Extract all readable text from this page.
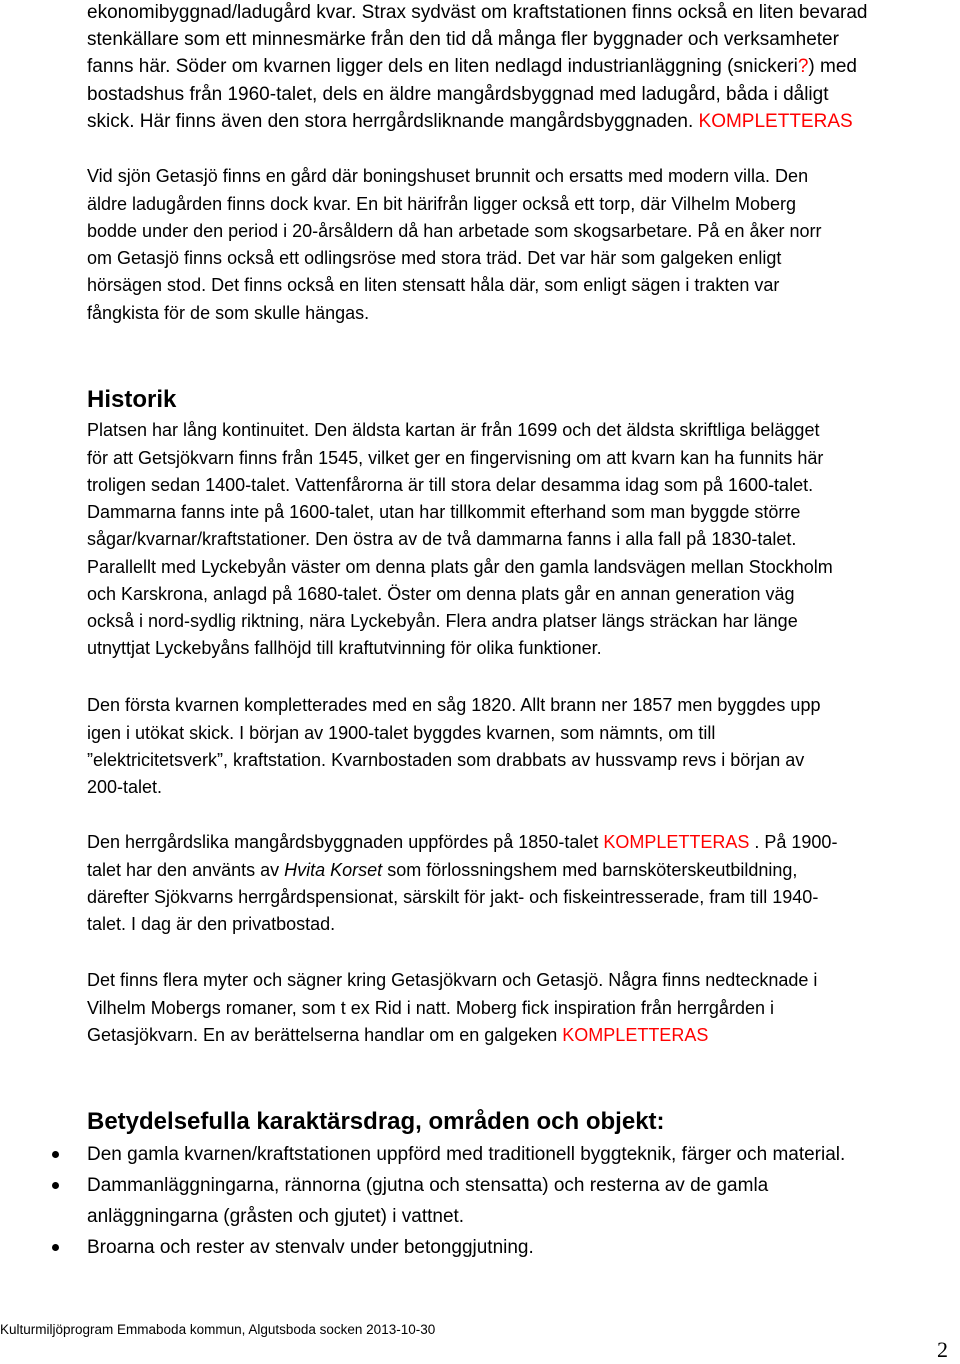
ekonomibyggnad/ladugård kvar. Strax sydväst om kraftstationen finns också en liten bevarad
stenkällare som ett minnesmärke från den tid då många fler byggnader och verksamheter
fanns här. Söder om kvarnen ligger dels en liten nedlagd industrianläggning (snickeri?) med
bostadshus från 1960-talet, dels en äldre mangårdsbyggnad med ladugård, båda i dåligt
skick. Här finns även den stora herrgårdsliknande mangårdsbyggnaden. KOMPLETTERAS
Vid sjön Getasjö finns en gård där boningshuset brunnit och ersatts med modern villa. Den
äldre ladugården finns dock kvar. En bit härifrån ligger också ett torp, där Vilhelm Moberg
bodde under den period i 20-årsåldern då han arbetade som skogsarbetare. På en åker norr
om Getasjö finns också ett odlingsröse med stora träd. Det var här som galgeken enligt
hörsägen stod. Det finns också en liten stensatt håla där, som enligt sägen i trakten var
fångkista för de som skulle hängas.
Historik
Platsen har lång kontinuitet. Den äldsta kartan är från 1699 och det äldsta skriftliga belägget
för att Getsjökvarn finns från 1545, vilket ger en fingervisning om att kvarn kan ha funnits här
troligen sedan 1400-talet. Vattenfårorna är till stora delar desamma idag som på 1600-talet.
Dammarna fanns inte på 1600-talet, utan har tillkommit efterhand som man byggde större
sågar/kvarnar/kraftstationer. Den östra av de två dammarna fanns i alla fall på 1830-talet.
Parallellt med Lyckebyån väster om denna plats går den gamla landsvägen mellan Stockholm
och Karskrona, anlagd på 1680-talet. Öster om denna plats går en annan generation väg
också i nord-sydlig riktning, nära Lyckebyån. Flera andra platser längs sträckan har länge
utnyttjat Lyckebyåns fallhöjd till kraftutvinning för olika funktioner.
Den första kvarnen kompletterades med en såg 1820. Allt brann ner 1857 men byggdes upp
igen i utökat skick. I början av 1900-talet byggdes kvarnen, som nämnts, om till
”elektricitetsverk”, kraftstation. Kvarnbostaden som drabbats av hussvamp revs i början av
200-talet.
Den herrgårdslika mangårdsbyggnaden uppfördes på 1850-talet KOMPLETTERAS . På 1900-
talet har den använts av Hvita Korset som förlossningshem med barnsköterskeutbildning,
därefter Sjökvarns herrgårdspensionat, särskilt för jakt- och fiskeintresserade, fram till 1940-
talet. I dag är den privatbostad.
Det finns flera myter och sägner kring Getasjökvarn och Getasjö. Några finns nedtecknade i
Vilhelm Mobergs romaner, som t ex Rid i natt. Moberg fick inspiration från herrgården i
Getasjökvarn. En av berättelserna handlar om en galgeken KOMPLETTERAS
Betydelsefulla karaktärsdrag, områden och objekt:
Den gamla kvarnen/kraftstationen uppförd med traditionell byggteknik, färger och material.
Dammanläggningarna, rännorna (gjutna och stensatta) och resterna av de gamla
anläggningarna (gråsten och gjutet) i vattnet.
Broarna och rester av stenvalv under betonggjutning.
Kulturmiljöprogram Emmaboda kommun, Algutsboda socken 2013-10-30
2
